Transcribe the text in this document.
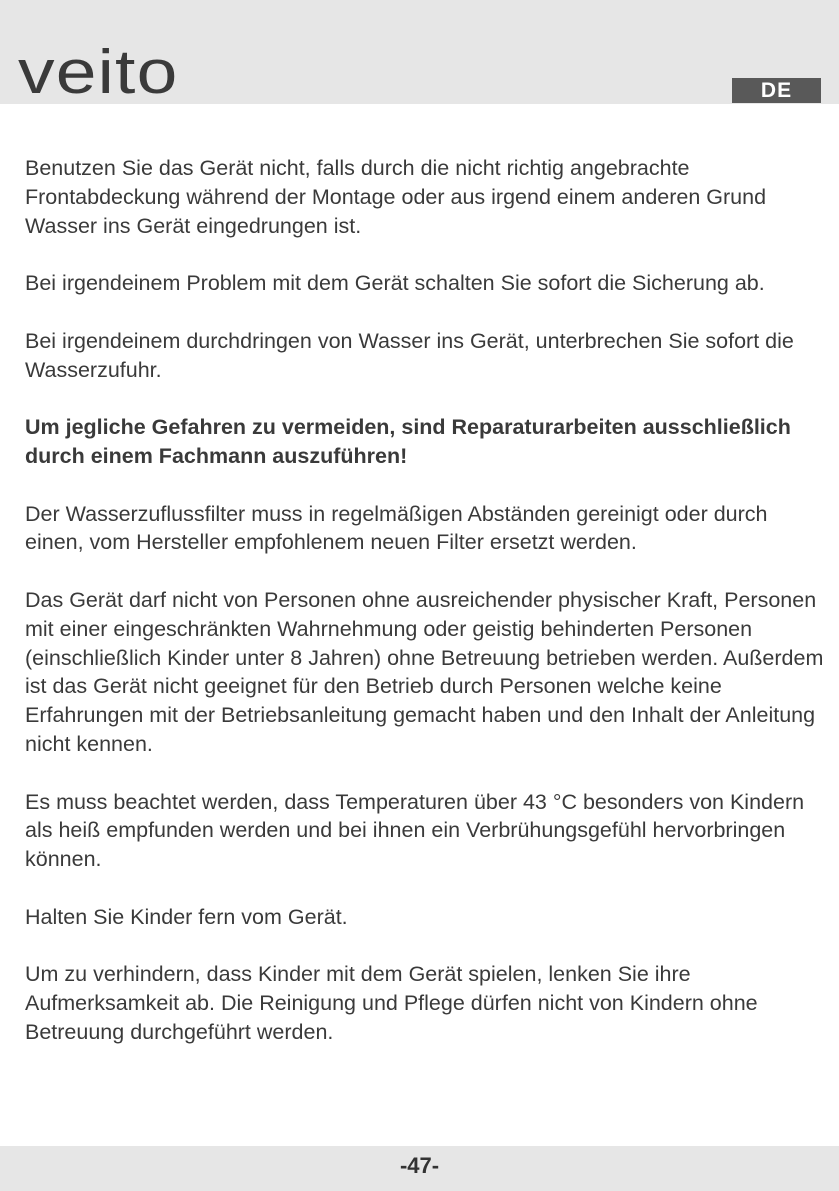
veito	DE

Benutzen Sie das Gerät nicht, falls durch die nicht richtig angebrachte Frontabdeckung während der Montage oder aus irgend einem anderen Grund Wasser ins Gerät eingedrungen ist.

Bei irgendeinem Problem mit dem Gerät schalten Sie sofort die Sicherung ab.

Bei irgendeinem durchdringen von Wasser ins Gerät, unterbrechen Sie sofort die Wasserzufuhr.

Um jegliche Gefahren zu vermeiden, sind Reparaturarbeiten ausschließlich durch einem Fachmann auszuführen!

Der Wasserzuflussfilter muss in regelmäßigen Abständen gereinigt oder durch einen, vom Hersteller empfohlenem neuen Filter ersetzt werden.

Das Gerät darf nicht von Personen ohne ausreichender physischer Kraft, Personen mit einer eingeschränkten Wahrnehmung oder geistig behinderten Personen (einschließlich Kinder unter 8 Jahren) ohne Betreuung betrieben werden. Außerdem ist das Gerät nicht geeignet für den Betrieb durch Personen welche keine Erfahrungen mit der Betriebsanleitung gemacht haben und den Inhalt der Anleitung nicht kennen.

Es muss beachtet werden, dass Temperaturen über 43 °C besonders von Kindern als heiß empfunden werden und bei ihnen ein Verbrühungsgefühl hervorbringen können.

Halten Sie Kinder fern vom Gerät.

Um zu verhindern, dass Kinder mit dem Gerät spielen, lenken Sie ihre Aufmerksamkeit ab. Die Reinigung und Pflege dürfen nicht von Kindern ohne Betreuung durchgeführt werden.

-47-
